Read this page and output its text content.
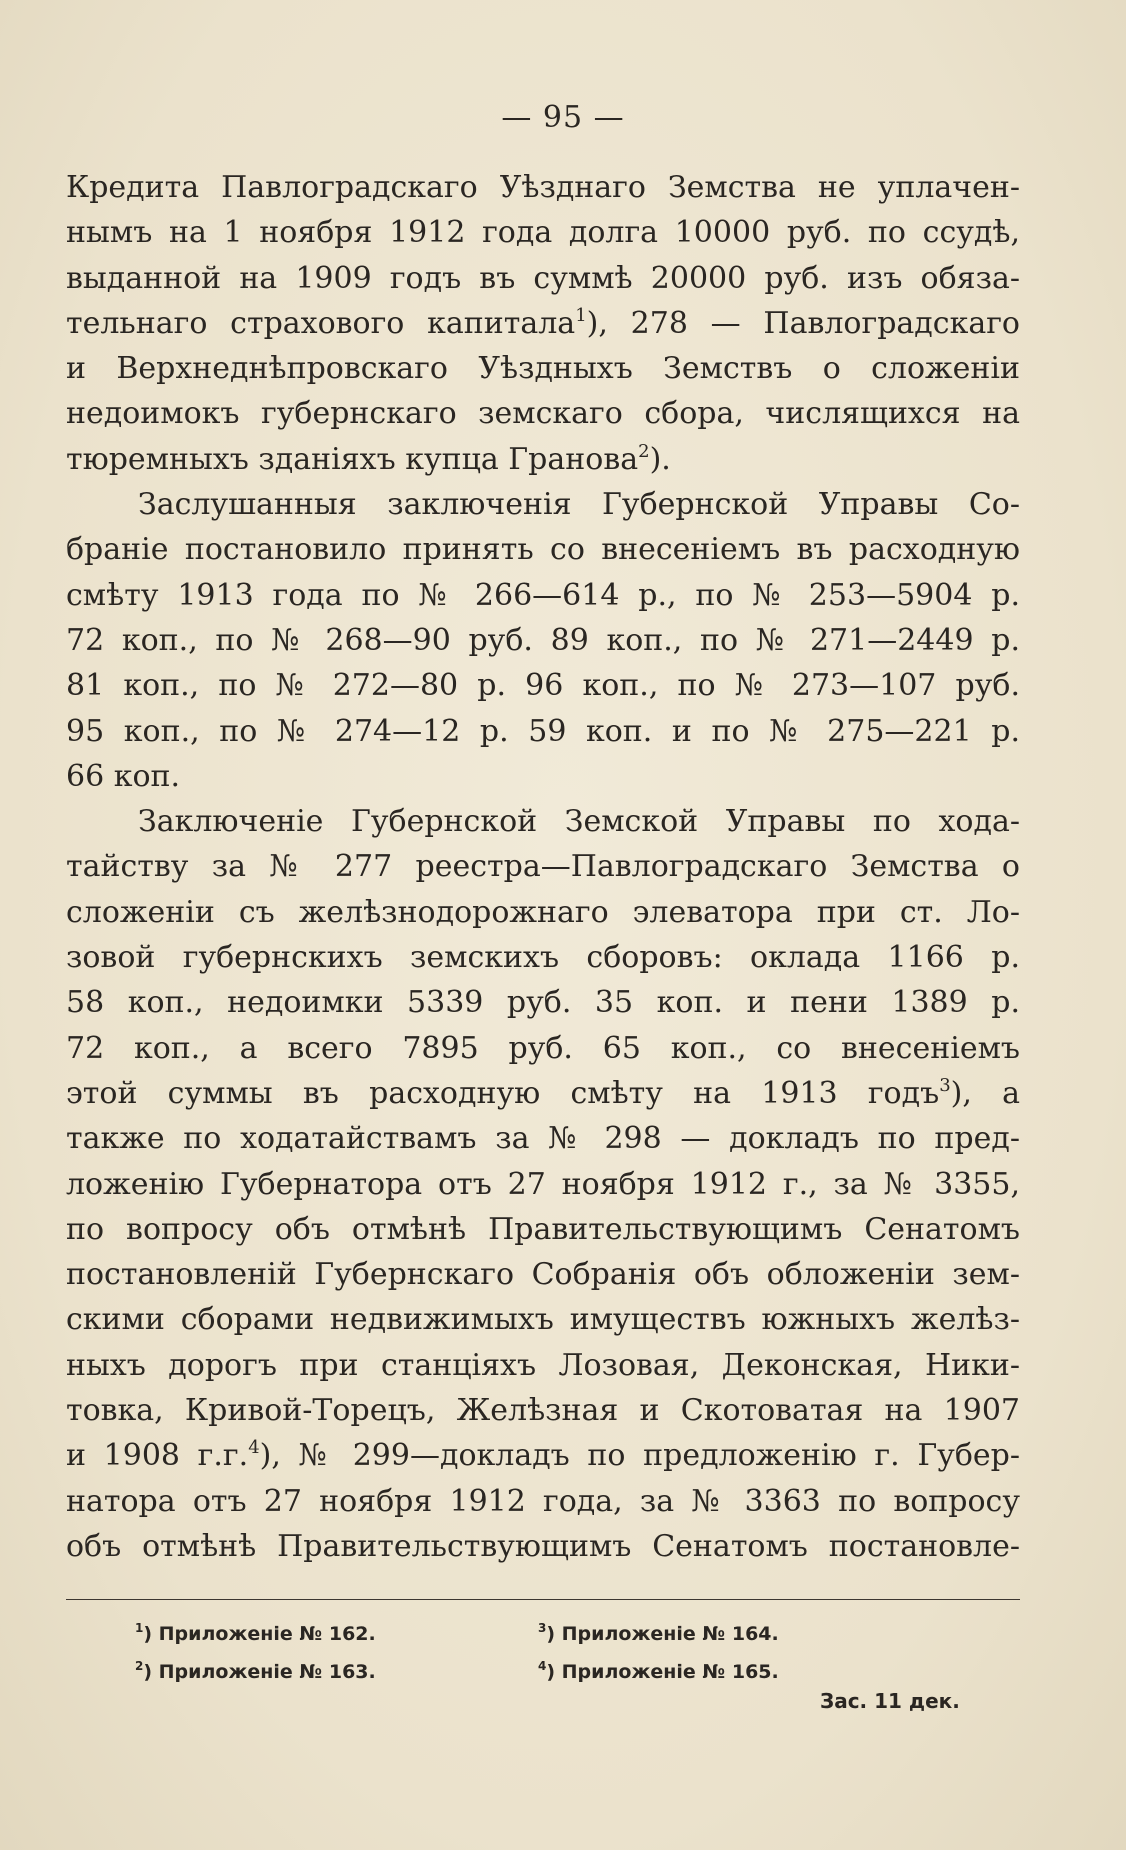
— 95 —
Кредита Павлоградскаго Уѣзднаго Земства не уплачен-
нымъ на 1 ноября 1912 года долга 10000 руб. по ссудѣ,
выданной на 1909 годъ въ суммѣ 20000 руб. изъ обяза-
тельнаго страхового капитала$^1$), 278 — Павлоградскаго
и Верхнеднѣпровскаго Уѣздныхъ Земствъ о сложеніи
недоимокъ губернскаго земскаго сбора, числящихся на
тюремныхъ зданіяхъ купца Гранова$^2$).
Заслушанныя заключенія Губернской Управы Со-
браніе постановило принять со внесеніемъ въ расходную
смѣту 1913 года по № 266—614 р., по № 253—5904 р.
72 коп., по № 268—90 руб. 89 коп., по № 271—2449 р.
81 коп., по № 272—80 р. 96 коп., по № 273—107 руб.
95 коп., по № 274—12 р. 59 коп. и по № 275—221 р.
66 коп.
Заключеніе Губернской Земской Управы по хода-
тайству за № 277 реестра—Павлоградскаго Земства о
сложеніи съ желѣзнодорожнаго элеватора при ст. Ло-
зовой губернскихъ земскихъ сборовъ: оклада 1166 р.
58 коп., недоимки 5339 руб. 35 коп. и пени 1389 р.
72 коп., а всего 7895 руб. 65 коп., со внесеніемъ
этой суммы въ расходную смѣту на 1913 годъ$^3$), а
также по ходатайствамъ за № 298 — докладъ по пред-
ложенію Губернатора отъ 27 ноября 1912 г., за № 3355,
по вопросу объ отмѣнѣ Правительствующимъ Сенатомъ
постановленій Губернскаго Собранія объ обложеніи зем-
скими сборами недвижимыхъ имуществъ южныхъ желѣз-
ныхъ дорогъ при станціяхъ Лозовая, Деконская, Ники-
товка, Кривой-Торецъ, Желѣзная и Скотоватая на 1907
и 1908 г.г.$^4$), № 299—докладъ по предложенію г. Губер-
натора отъ 27 ноября 1912 года, за № 3363 по вопросу
объ отмѣнѣ Правительствующимъ Сенатомъ постановле-
$^1$) Приложеніе № 162.
$^2$) Приложеніе № 163.
$^3$) Приложеніе № 164.
$^4$) Приложеніе № 165.
Зас. 11 дек.
